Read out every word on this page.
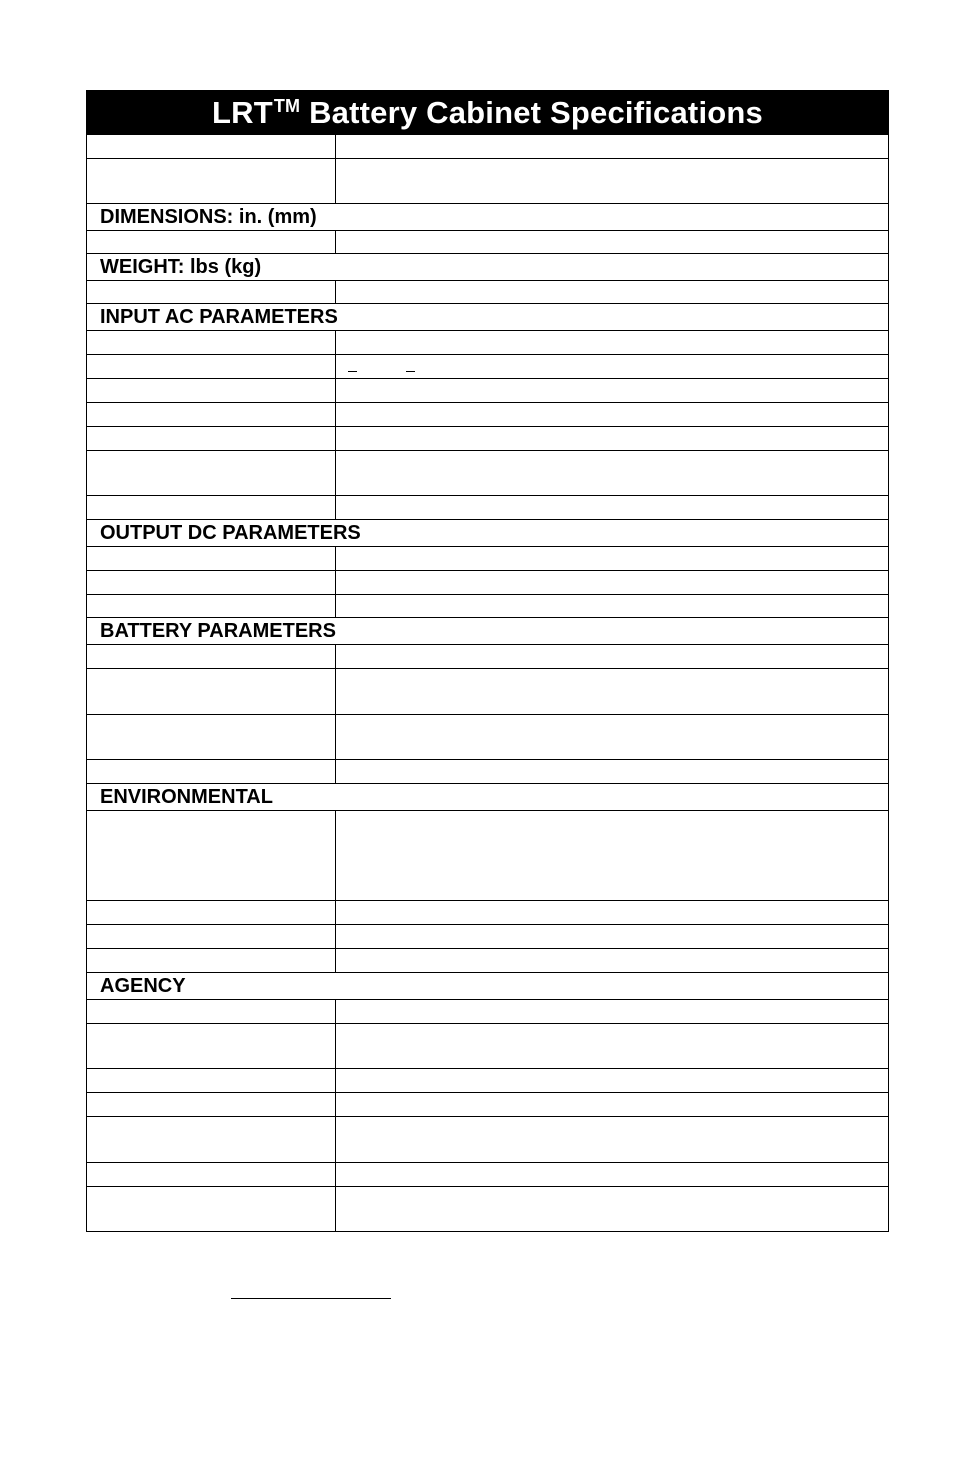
LRT™
Battery Cabinet Specifications
DIMENSIONS: in. (mm)
WEIGHT: lbs (kg)
INPUT AC PARAMETERS
OUTPUT DC PARAMETERS
BATTERY PARAMETERS
ENVIRONMENTAL
AGENCY
